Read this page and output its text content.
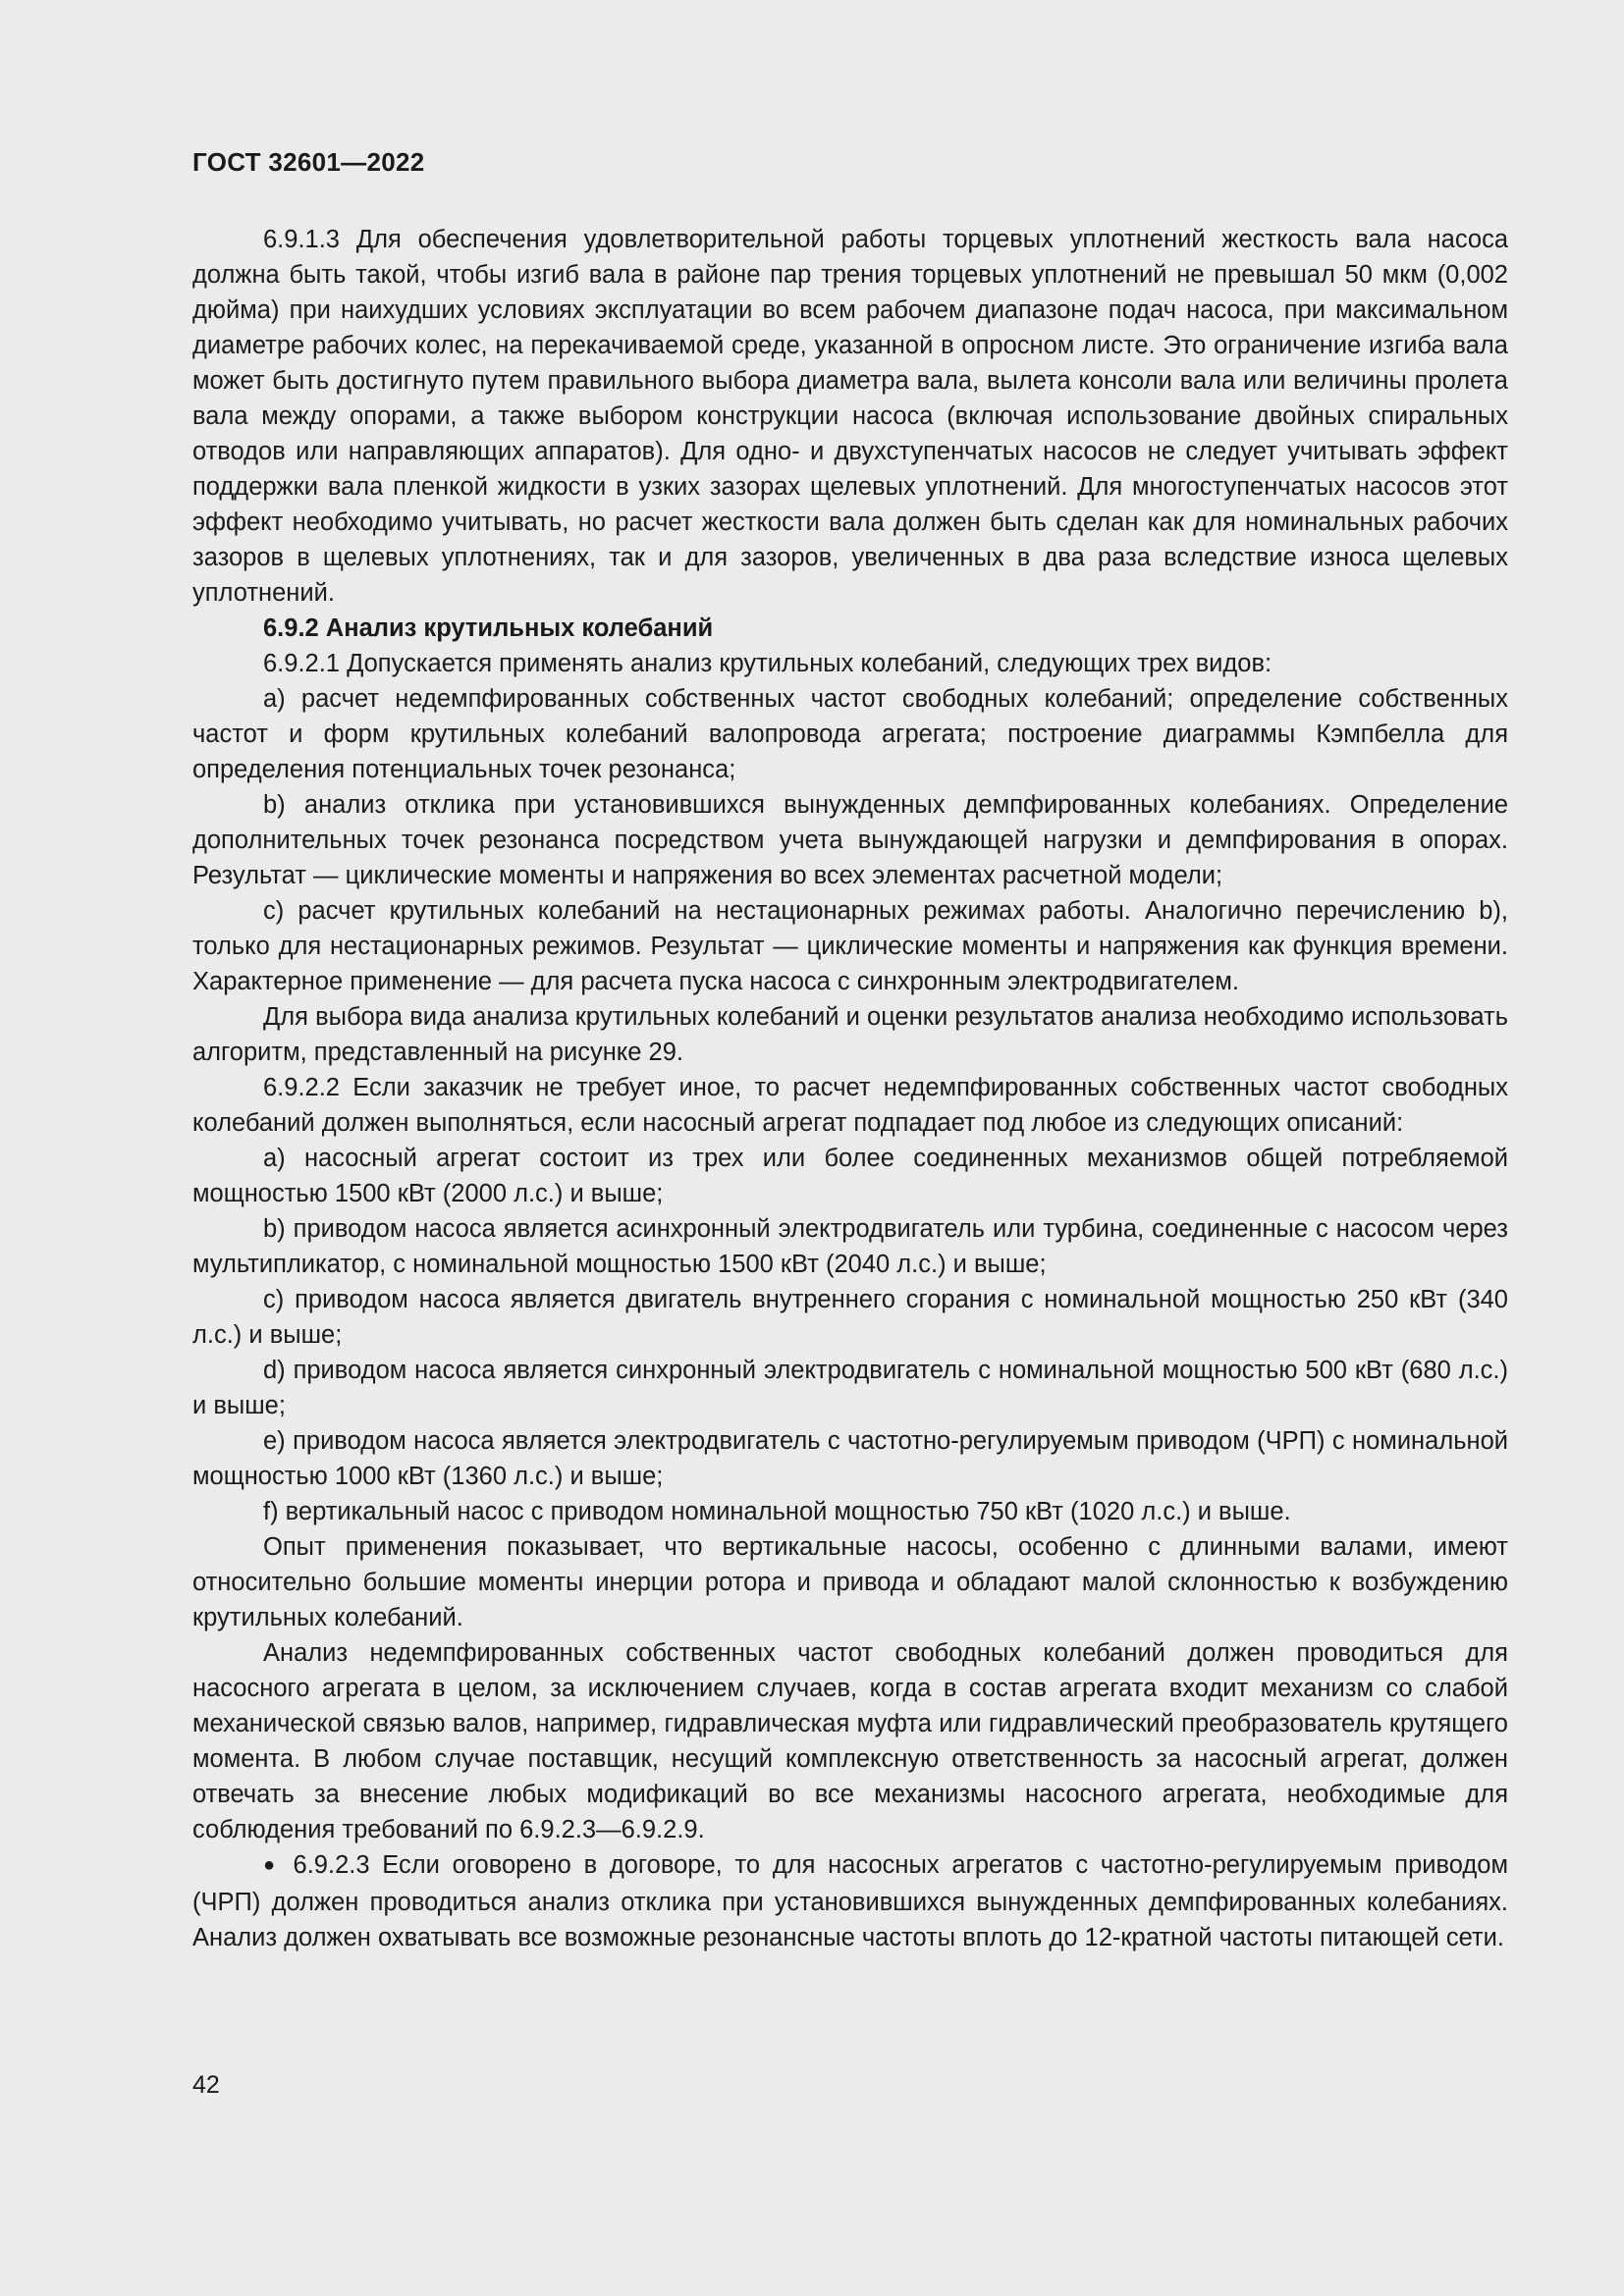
ГОСТ 32601—2022

6.9.1.3 Для обеспечения удовлетворительной работы торцевых уплотнений жесткость вала насоса должна быть такой, чтобы изгиб вала в районе пар трения торцевых уплотнений не превышал 50 мкм (0,002 дюйма) при наихудших условиях эксплуатации во всем рабочем диапазоне подач насоса, при максимальном диаметре рабочих колес, на перекачиваемой среде, указанной в опросном листе. Это ограничение изгиба вала может быть достигнуто путем правильного выбора диаметра вала, вылета консоли вала или величины пролета вала между опорами, а также выбором конструкции насоса (включая использование двойных спиральных отводов или направляющих аппаратов). Для одно- и двухступенчатых насосов не следует учитывать эффект поддержки вала пленкой жидкости в узких зазорах щелевых уплотнений. Для многоступенчатых насосов этот эффект необходимо учитывать, но расчет жесткости вала должен быть сделан как для номинальных рабочих зазоров в щелевых уплотнениях, так и для зазоров, увеличенных в два раза вследствие износа щелевых уплотнений.

6.9.2 Анализ крутильных колебаний

6.9.2.1 Допускается применять анализ крутильных колебаний, следующих трех видов:

a) расчет недемпфированных собственных частот свободных колебаний; определение собственных частот и форм крутильных колебаний валопровода агрегата; построение диаграммы Кэмпбелла для определения потенциальных точек резонанса;

b) анализ отклика при установившихся вынужденных демпфированных колебаниях. Определение дополнительных точек резонанса посредством учета вынуждающей нагрузки и демпфирования в опорах. Результат — циклические моменты и напряжения во всех элементах расчетной модели;

c) расчет крутильных колебаний на нестационарных режимах работы. Аналогично перечислению b), только для нестационарных режимов. Результат — циклические моменты и напряжения как функция времени. Характерное применение — для расчета пуска насоса с синхронным электродвигателем.

Для выбора вида анализа крутильных колебаний и оценки результатов анализа необходимо использовать алгоритм, представленный на рисунке 29.

6.9.2.2 Если заказчик не требует иное, то расчет недемпфированных собственных частот свободных колебаний должен выполняться, если насосный агрегат подпадает под любое из следующих описаний:

a) насосный агрегат состоит из трех или более соединенных механизмов общей потребляемой мощностью 1500 кВт (2000 л.с.) и выше;

b) приводом насоса является асинхронный электродвигатель или турбина, соединенные с насосом через мультипликатор, с номинальной мощностью 1500 кВт (2040 л.с.) и выше;

c) приводом насоса является двигатель внутреннего сгорания с номинальной мощностью 250 кВт (340 л.с.) и выше;

d) приводом насоса является синхронный электродвигатель с номинальной мощностью 500 кВт (680 л.с.) и выше;

e) приводом насоса является электродвигатель с частотно-регулируемым приводом (ЧРП) с номинальной мощностью 1000 кВт (1360 л.с.) и выше;

f) вертикальный насос с приводом номинальной мощностью 750 кВт (1020 л.с.) и выше.

Опыт применения показывает, что вертикальные насосы, особенно с длинными валами, имеют относительно большие моменты инерции ротора и привода и обладают малой склонностью к возбуждению крутильных колебаний.

Анализ недемпфированных собственных частот свободных колебаний должен проводиться для насосного агрегата в целом, за исключением случаев, когда в состав агрегата входит механизм со слабой механической связью валов, например, гидравлическая муфта или гидравлический преобразователь крутящего момента. В любом случае поставщик, несущий комплексную ответственность за насосный агрегат, должен отвечать за внесение любых модификаций во все механизмы насосного агрегата, необходимые для соблюдения требований по 6.9.2.3—6.9.2.9.

● 6.9.2.3 Если оговорено в договоре, то для насосных агрегатов с частотно-регулируемым приводом (ЧРП) должен проводиться анализ отклика при установившихся вынужденных демпфированных колебаниях. Анализ должен охватывать все возможные резонансные частоты вплоть до 12-кратной частоты питающей сети.

42
